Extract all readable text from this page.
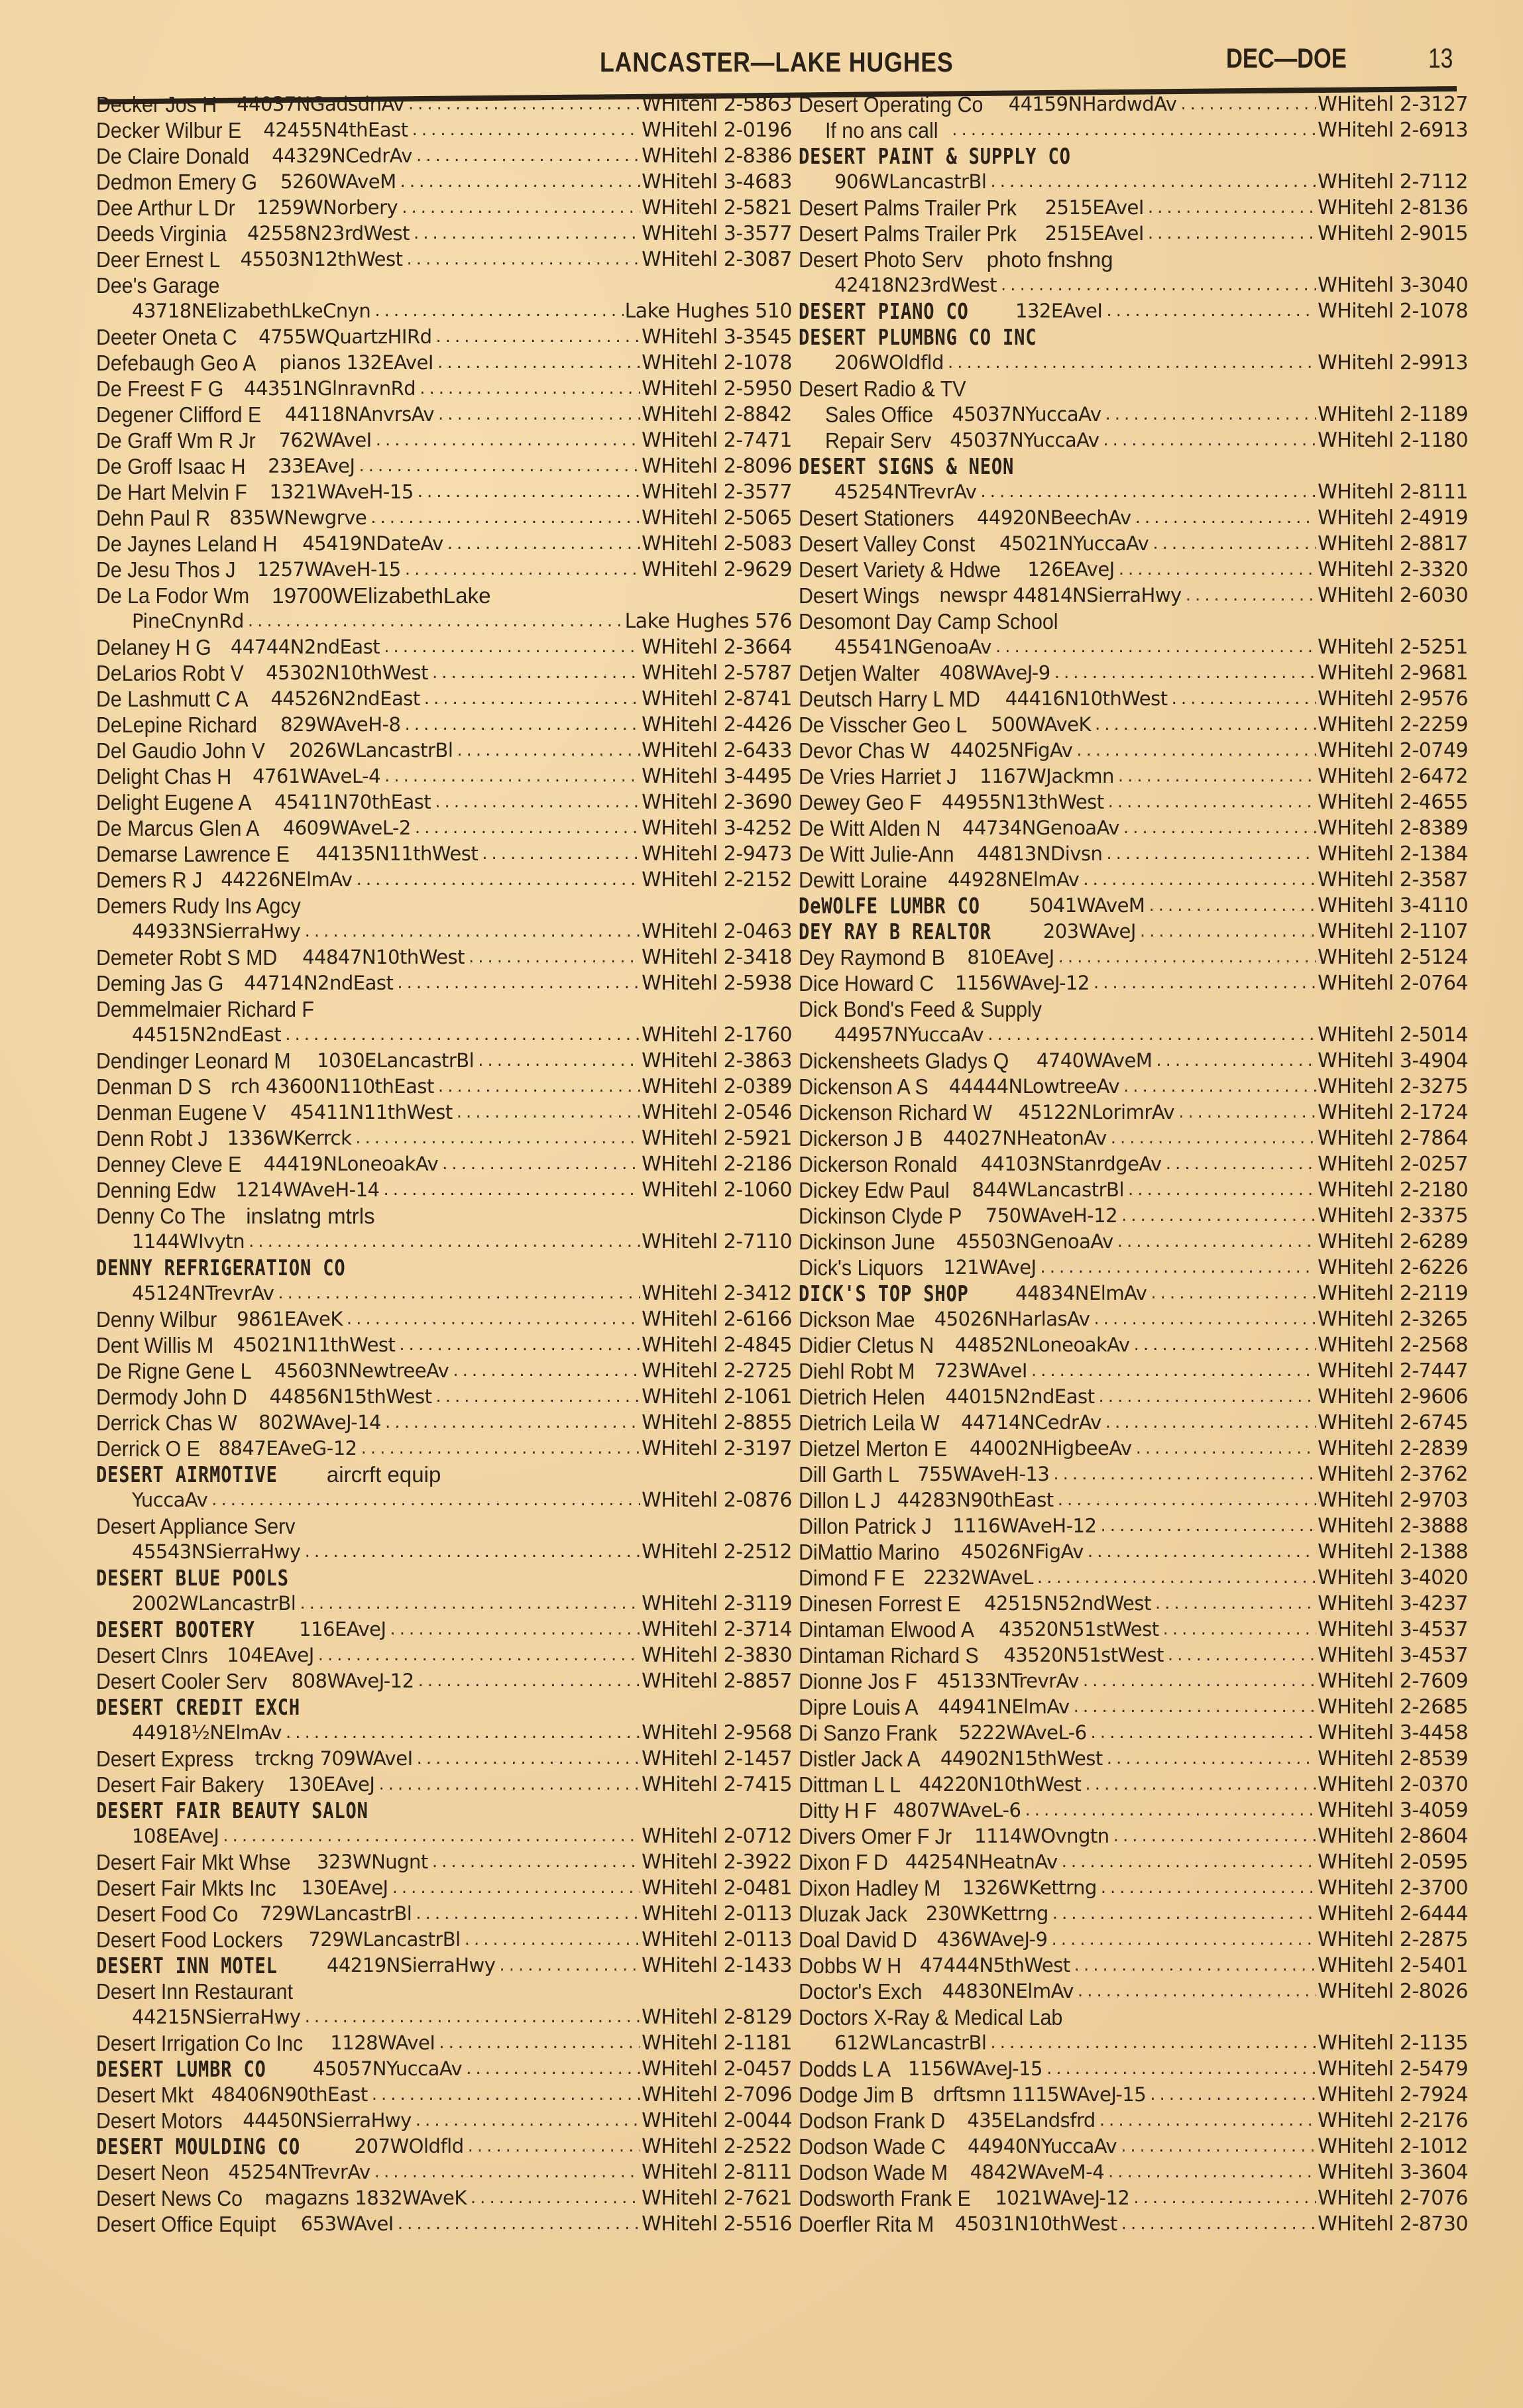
LANCASTER—LAKE HUGHES	DEC—DOE	13
Decker Jos H 44037NGadsdnAv .....	WHitehl 2-5863
Decker Wilbur E 42455N4thEast .....	WHitehl 2-0196
De Claire Donald 44329NCedrAv .....	WHitehl 2-8386
Dedmon Emery G 5260WAveM .....	WHitehl 3-4683
Dee Arthur L Dr 1259WNorbery .....	WHitehl 2-5821
Deeds Virginia 42558N23rdWest .....	WHitehl 3-3577
Deer Ernest L 45503N12thWest .....	WHitehl 2-3087
Dee's Garage
43718NElizabethLkeCnyn .....	Lake Hughes 510
Deeter Oneta C 4755WQuartzHIRd .....	WHitehl 3-3545
Defebaugh Geo A pianos 132EAveI .....	WHitehl 2-1078
De Freest F G 44351NGlnravnRd .....	WHitehl 2-5950
Degener Clifford E 44118NAnvrsAv .....	WHitehl 2-8842
De Graff Wm R Jr 762WAveI .....	WHitehl 2-7471
De Groff Isaac H 233EAveJ .....	WHitehl 2-8096
De Hart Melvin F 1321WAveH-15 .....	WHitehl 2-3577
Dehn Paul R 835WNewgrve .....	WHitehl 2-5065
De Jaynes Leland H 45419NDateAv .....	WHitehl 2-5083
De Jesu Thos J 1257WAveH-15 .....	WHitehl 2-9629
De La Fodor Wm 19700WElizabethLake
PineCnynRd .....	Lake Hughes 576
Delaney H G 44744N2ndEast .....	WHitehl 2-3664
DeLarios Robt V 45302N10thWest .....	WHitehl 2-5787
De Lashmutt C A 44526N2ndEast .....	WHitehl 2-8741
DeLepine Richard 829WAveH-8 .....	WHitehl 2-4426
Del Gaudio John V 2026WLancastrBl .....	WHitehl 2-6433
Delight Chas H 4761WAveL-4 .....	WHitehl 3-4495
Delight Eugene A 45411N70thEast .....	WHitehl 2-3690
De Marcus Glen A 4609WAveL-2 .....	WHitehl 3-4252
Demarse Lawrence E 44135N11thWest .....	WHitehl 2-9473
Demers R J 44226NElmAv .....	WHitehl 2-2152
Demers Rudy Ins Agcy
44933NSierraHwy .....	WHitehl 2-0463
Demeter Robt S MD 44847N10thWest .....	WHitehl 2-3418
Deming Jas G 44714N2ndEast .....	WHitehl 2-5938
Demmelmaier Richard F
44515N2ndEast .....	WHitehl 2-1760
Dendinger Leonard M 1030ELancastrBl .....	WHitehl 2-3863
Denman D S rch 43600N110thEast .....	WHitehl 2-0389
Denman Eugene V 45411N11thWest .....	WHitehl 2-0546
Denn Robt J 1336WKerrck .....	WHitehl 2-5921
Denney Cleve E 44419NLoneoakAv .....	WHitehl 2-2186
Denning Edw 1214WAveH-14 .....	WHitehl 2-1060
Denny Co The inslatng mtrls
1144WIvytn .....	WHitehl 2-7110
DENNY REFRIGERATION CO
45124NTrevrAv .....	WHitehl 2-3412
Denny Wilbur 9861EAveK .....	WHitehl 2-6166
Dent Willis M 45021N11thWest .....	WHitehl 2-4845
De Rigne Gene L 45603NNewtreeAv .....	WHitehl 2-2725
Dermody John D 44856N15thWest .....	WHitehl 2-1061
Derrick Chas W 802WAveJ-14 .....	WHitehl 2-8855
Derrick O E 8847EAveG-12 .....	WHitehl 2-3197
DESERT AIRMOTIVE aircrft equip
YuccaAv .....	WHitehl 2-0876
Desert Appliance Serv
45543NSierraHwy .....	WHitehl 2-2512
DESERT BLUE POOLS
2002WLancastrBl .....	WHitehl 2-3119
DESERT BOOTERY 116EAveJ .....	WHitehl 2-3714
Desert Clnrs 104EAveJ .....	WHitehl 2-3830
Desert Cooler Serv 808WAveJ-12 .....	WHitehl 2-8857
DESERT CREDIT EXCH
44918½NElmAv .....	WHitehl 2-9568
Desert Express trckng 709WAveI .....	WHitehl 2-1457
Desert Fair Bakery 130EAveJ .....	WHitehl 2-7415
DESERT FAIR BEAUTY SALON
108EAveJ .....	WHitehl 2-0712
Desert Fair Mkt Whse 323WNugnt .....	WHitehl 2-3922
Desert Fair Mkts Inc 130EAveJ .....	WHitehl 2-0481
Desert Food Co 729WLancastrBl .....	WHitehl 2-0113
Desert Food Lockers 729WLancastrBl .....	WHitehl 2-0113
DESERT INN MOTEL	44219NSierraHwy .....	WHitehl 2-1433
Desert Inn Restaurant
44215NSierraHwy .....	WHitehl 2-8129
Desert Irrigation Co Inc 1128WAveI .....	WHitehl 2-1181
DESERT LUMBR CO 45057NYuccaAv .....	WHitehl 2-0457
Desert Mkt 48406N90thEast .....	WHitehl 2-7096
Desert Motors 44450NSierraHwy .....	WHitehl 2-0044
DESERT MOULDING CO	207WOldfld .....	WHitehl 2-2522
Desert Neon 45254NTrevrAv .....	WHitehl 2-8111
Desert News Co magazns 1832WAveK .....	WHitehl 2-7621
Desert Office Equipt 653WAveI .....	WHitehl 2-5516
Desert Operating Co 44159NHardwdAv .....	WHitehl 2-3127
If no ans call .....	WHitehl 2-6913
DESERT PAINT & SUPPLY CO
906WLancastrBl .....	WHitehl 2-7112
Desert Palms Trailer Prk 2515EAveI .....	WHitehl 2-8136
Desert Palms Trailer Prk 2515EAveI .....	WHitehl 2-9015
Desert Photo Serv photo fnshng
42418N23rdWest .....	WHitehl 3-3040
DESERT PIANO CO 132EAveI .....	WHitehl 2-1078
DESERT PLUMBNG CO INC
206WOldfld .....	WHitehl 2-9913
Desert Radio & TV
Sales Office 45037NYuccaAv .....	WHitehl 2-1189
Repair Serv 45037NYuccaAv .....	WHitehl 2-1180
DESERT SIGNS & NEON
45254NTrevrAv .....	WHitehl 2-8111
Desert Stationers 44920NBeechAv .....	WHitehl 2-4919
Desert Valley Const 45021NYuccaAv .....	WHitehl 2-8817
Desert Variety & Hdwe 126EAveJ .....	WHitehl 2-3320
Desert Wings newspr 44814NSierraHwy .....	WHitehl 2-6030
Desomont Day Camp School
45541NGenoaAv .....	WHitehl 2-5251
Detjen Walter 408WAveJ-9 .....	WHitehl 2-9681
Deutsch Harry L MD 44416N10thWest .....	WHitehl 2-9576
De Visscher Geo L 500WAveK .....	WHitehl 2-2259
Devor Chas W 44025NFigAv .....	WHitehl 2-0749
De Vries Harriet J 1167WJackmn .....	WHitehl 2-6472
Dewey Geo F 44955N13thWest .....	WHitehl 2-4655
De Witt Alden N 44734NGenoaAv .....	WHitehl 2-8389
De Witt Julie-Ann 44813NDivsn .....	WHitehl 2-1384
Dewitt Loraine 44928NElmAv .....	WHitehl 2-3587
DeWOLFE LUMBR CO	5041WAveM .....	WHitehl 3-4110
DEY RAY B REALTOR	203WAveJ .....	WHitehl 2-1107
Dey Raymond B 810EAveJ .....	WHitehl 2-5124
Dice Howard C 1156WAveJ-12 .....	WHitehl 2-0764
Dick Bond's Feed & Supply
44957NYuccaAv .....	WHitehl 2-5014
Dickensheets Gladys Q 4740WAveM .....	WHitehl 3-4904
Dickenson A S 44444NLowtreeAv .....	WHitehl 2-3275
Dickenson Richard W 45122NLorimrAv .....	WHitehl 2-1724
Dickerson J B 44027NHeatonAv .....	WHitehl 2-7864
Dickerson Ronald 44103NStanrdgeAv .....	WHitehl 2-0257
Dickey Edw Paul 844WLancastrBl .....	WHitehl 2-2180
Dickinson Clyde P 750WAveH-12 .....	WHitehl 2-3375
Dickinson June 45503NGenoaAv .....	WHitehl 2-6289
Dick's Liquors 121WAveJ .....	WHitehl 2-6226
DICK'S TOP SHOP 44834NElmAv .....	WHitehl 2-2119
Dickson Mae 45026NHarlasAv .....	WHitehl 2-3265
Didier Cletus N 44852NLoneoakAv .....	WHitehl 2-2568
Diehl Robt M 723WAveI .....	WHitehl 2-7447
Dietrich Helen 44015N2ndEast .....	WHitehl 2-9606
Dietrich Leila W 44714NCedrAv .....	WHitehl 2-6745
Dietzel Merton E 44002NHigbeeAv .....	WHitehl 2-2839
Dill Garth L 755WAveH-13 .....	WHitehl 2-3762
Dillon L J 44283N90thEast .....	WHitehl 2-9703
Dillon Patrick J 1116WAveH-12 .....	WHitehl 2-3888
DiMattio Marino 45026NFigAv .....	WHitehl 2-1388
Dimond F E 2232WAveL .....	WHitehl 3-4020
Dinesen Forrest E 42515N52ndWest .....	WHitehl 3-4237
Dintaman Elwood A 43520N51stWest .....	WHitehl 3-4537
Dintaman Richard S 43520N51stWest .....	WHitehl 3-4537
Dionne Jos F 45133NTrevrAv .....	WHitehl 2-7609
Dipre Louis A 44941NElmAv .....	WHitehl 2-2685
Di Sanzo Frank 5222WAveL-6 .....	WHitehl 3-4458
Distler Jack A 44902N15thWest .....	WHitehl 2-8539
Dittman L L 44220N10thWest .....	WHitehl 2-0370
Ditty H F 4807WAveL-6 .....	WHitehl 3-4059
Divers Omer F Jr 1114WOvngtn .....	WHitehl 2-8604
Dixon F D 44254NHeatnAv .....	WHitehl 2-0595
Dixon Hadley M 1326WKettrng .....	WHitehl 2-3700
Dluzak Jack 230WKettrng .....	WHitehl 2-6444
Doal David D 436WAveJ-9 .....	WHitehl 2-2875
Dobbs W H 47444N5thWest .....	WHitehl 2-5401
Doctor's Exch 44830NElmAv .....	WHitehl 2-8026
Doctors X-Ray & Medical Lab
612WLancastrBl .....	WHitehl 2-1135
Dodds L A 1156WAveJ-15 .....	WHitehl 2-5479
Dodge Jim B drftsmn 1115WAveJ-15 .....	WHitehl 2-7924
Dodson Frank D 435ELandsfrd .....	WHitehl 2-2176
Dodson Wade C 44940NYuccaAv .....	WHitehl 2-1012
Dodson Wade M 4842WAveM-4 .....	WHitehl 3-3604
Dodsworth Frank E 1021WAveJ-12 .....	WHitehl 2-7076
Doerfler Rita M 45031N10thWest .....	WHitehl 2-8730
